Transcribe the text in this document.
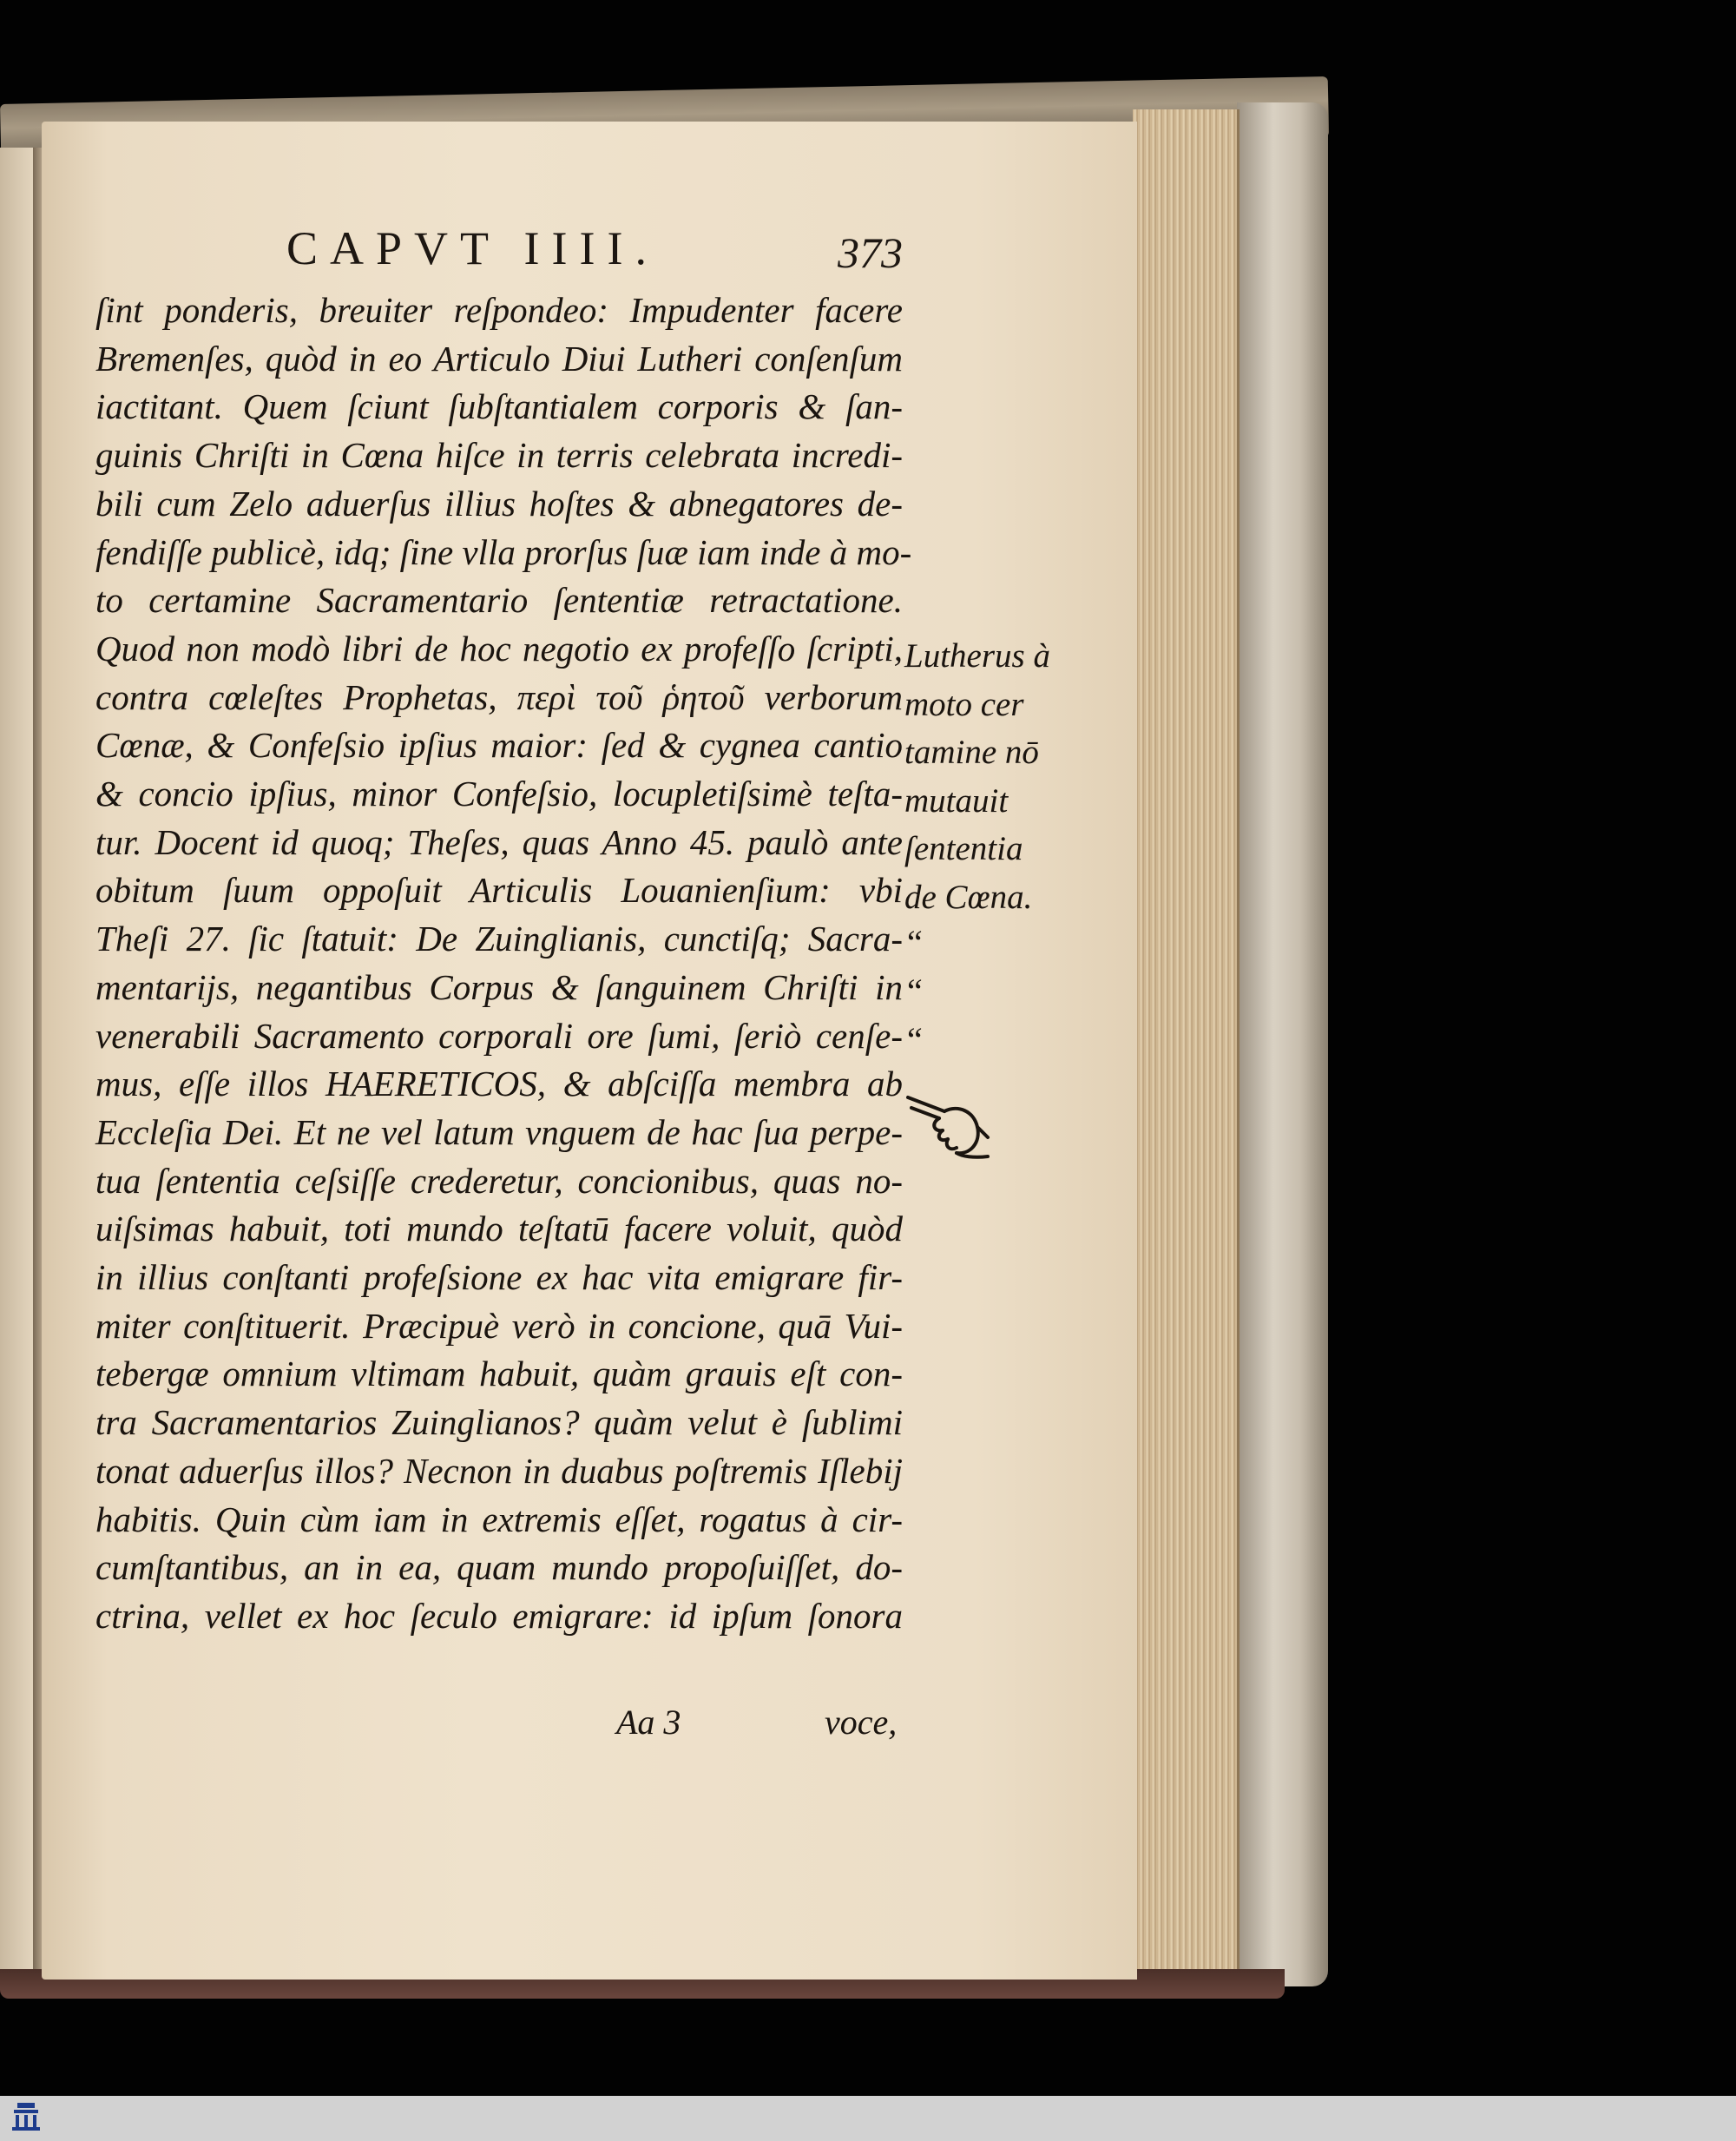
CAPVT IIII.	373
ſint ponderis, breuiter reſpondeo: Impudenter facere
Bremenſes, quòd in eo Articulo Diui Lutheri conſenſum
iactitant. Quem ſciunt ſubſtantialem corporis & ſan-
guinis Chriſti in Cœna hiſce in terris celebrata incredi-
bili cum Zelo aduerſus illius hoſtes & abnegatores de-
fendiſſe publicè, idq; ſine vlla prorſus ſuæ iam inde à mo-
to certamine Sacramentario ſententiæ retractatione.
Quod non modò libri de hoc negotio ex profeſſo ſcripti,
contra cœleſtes Prophetas, περὶ τοῦ ῥητοῦ verborum
Cœnæ, & Confeſsio ipſius maior: ſed & cygnea cantio
& concio ipſius, minor Confeſsio, locupletiſsimè teſta-
tur. Docent id quoq; Theſes, quas Anno 45. paulò ante
obitum ſuum oppoſuit Articulis Louanienſium: vbi
Theſi 27. ſic ſtatuit: De Zuinglianis, cunctiſq; Sacra-
mentarijs, negantibus Corpus & ſanguinem Chriſti in
venerabili Sacramento corporali ore ſumi, ſeriò cenſe-
mus, eſſe illos HAERETICOS, & abſciſſa membra ab
Eccleſia Dei. Et ne vel latum vnguem de hac ſua perpe-
tua ſententia ceſsiſſe crederetur, concionibus, quas no-
uiſsimas habuit, toti mundo teſtatū facere voluit, quòd
in illius conſtanti profeſsione ex hac vita emigrare fir-
miter conſtituerit. Præcipuè verò in concione, quā Vui-
tebergæ omnium vltimam habuit, quàm grauis eſt con-
tra Sacramentarios Zuinglianos? quàm velut è ſublimi
tonat aduerſus illos? Necnon in duabus poſtremis Iſlebij
habitis. Quin cùm iam in extremis eſſet, rogatus à cir-
cumſtantibus, an in ea, quam mundo propoſuiſſet, do-
ctrina, vellet ex hoc ſeculo emigrare: id ipſum ſonora
Lutherus à
moto cer
tamine nō
mutauit
ſententia
de Cœna.
“
“
“
Aa 3	voce,
